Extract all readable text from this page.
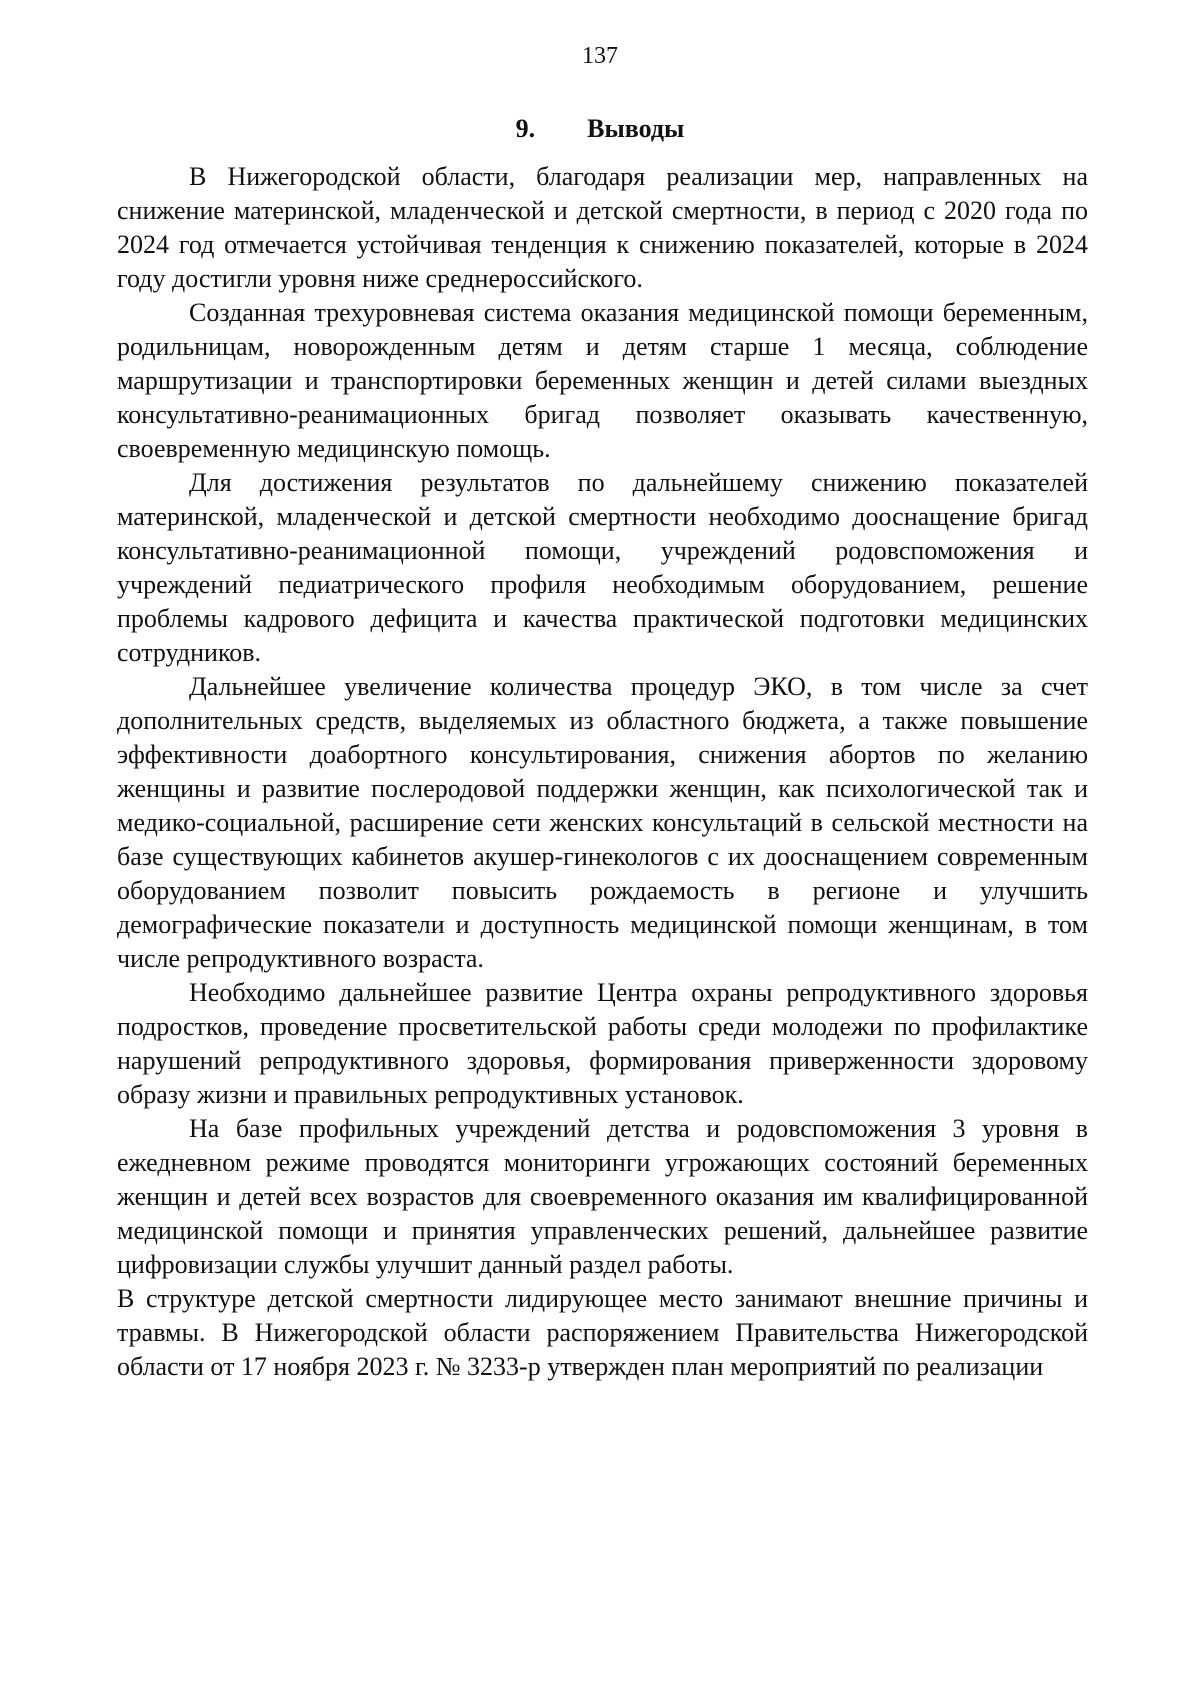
137
9. Выводы

В Нижегородской области, благодаря реализации мер, направленных на снижение материнской, младенческой и детской смертности, в период с 2020 года по 2024 год отмечается устойчивая тенденция к снижению показателей, которые в 2024 году достигли уровня ниже среднероссийского.

Созданная трехуровневая система оказания медицинской помощи беременным, родильницам, новорожденным детям и детям старше 1 месяца, соблюдение маршрутизации и транспортировки беременных женщин и детей силами выездных консультативно-реанимационных бригад позволяет оказывать качественную, своевременную медицинскую помощь.

Для достижения результатов по дальнейшему снижению показателей материнской, младенческой и детской смертности необходимо дооснащение бригад консультативно-реанимационной помощи, учреждений родовспоможения и учреждений педиатрического профиля необходимым оборудованием, решение проблемы кадрового дефицита и качества практической подготовки медицинских сотрудников.

Дальнейшее увеличение количества процедур ЭКО, в том числе за счет дополнительных средств, выделяемых из областного бюджета, а также повышение эффективности доабортного консультирования, снижения абортов по желанию женщины и развитие послеродовой поддержки женщин, как психологической так и медико-социальной, расширение сети женских консультаций в сельской местности на базе существующих кабинетов акушер-гинекологов с их дооснащением современным оборудованием позволит повысить рождаемость в регионе и улучшить демографические показатели и доступность медицинской помощи женщинам, в том числе репродуктивного возраста.

Необходимо дальнейшее развитие Центра охраны репродуктивного здоровья подростков, проведение просветительской работы среди молодежи по профилактике нарушений репродуктивного здоровья, формирования приверженности здоровому образу жизни и правильных репродуктивных установок.

На базе профильных учреждений детства и родовспоможения 3 уровня в ежедневном режиме проводятся мониторинги угрожающих состояний беременных женщин и детей всех возрастов для своевременного оказания им квалифицированной медицинской помощи и принятия управленческих решений, дальнейшее развитие цифровизации службы улучшит данный раздел работы.

В структуре детской смертности лидирующее место занимают внешние причины и травмы. В Нижегородской области распоряжением Правительства Нижегородской области от 17 ноября 2023 г. № 3233-р утвержден план мероприятий по реализации
